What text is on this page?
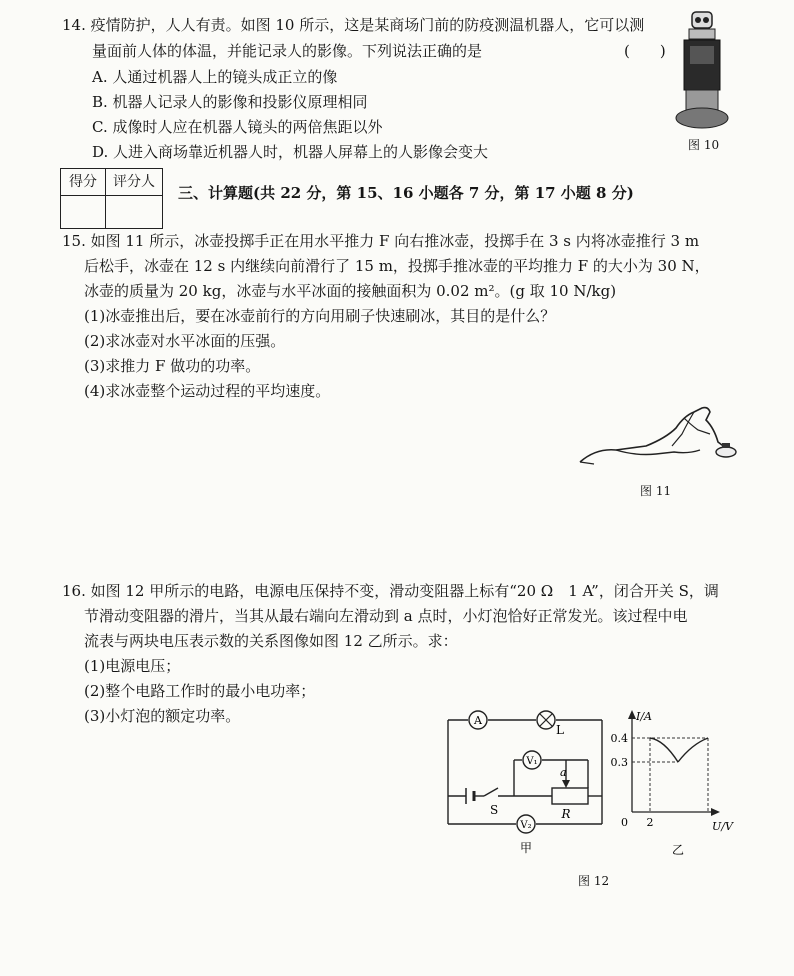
14. 疫情防护，人人有责。如图 10 所示，这是某商场门前的防疫测温机器人，它可以测
量面前人体的体温，并能记录人的影像。下列说法正确的是	(　　)
A. 人通过机器人上的镜头成正立的像
B. 机器人记录人的影像和投影仪原理相同
C. 成像时人应在机器人镜头的两倍焦距以外
D. 人进入商场靠近机器人时，机器人屏幕上的人影像会变大	图 10
得分	评分人

三、计算题(共 22 分，第 15、16 小题各 7 分，第 17 小题 8 分)
15. 如图 11 所示，冰壶投掷手正在用水平推力 F 向右推冰壶，投掷手在 3 s 内将冰壶推行 3 m
后松手，冰壶在 12 s 内继续向前滑行了 15 m，投掷手推冰壶的平均推力 F 的大小为 30 N，
冰壶的质量为 20 kg，冰壶与水平冰面的接触面积为 0.02 m²。(g 取 10 N/kg)
(1)冰壶推出后，要在冰壶前行的方向用刷子快速刷冰，其目的是什么？
(2)求冰壶对水平冰面的压强。
(3)求推力 F 做功的功率。
(4)求冰壶整个运动过程的平均速度。
图 11
16. 如图 12 甲所示的电路，电源电压保持不变，滑动变阻器上标有“20 Ω　1 A”，闭合开关 S，调
节滑动变阻器的滑片，当其从最右端向左滑动到 a 点时，小灯泡恰好正常发光。该过程中电
流表与两块电压表示数的关系图像如图 12 乙所示。求：
(1)电源电压；
(2)整个电路工作时的最小电功率；
(3)小灯泡的额定功率。	A
L
V₁
V₂
a
R
S
甲
I/A
U/V
0.4
0.3
0 2
乙
图 12
